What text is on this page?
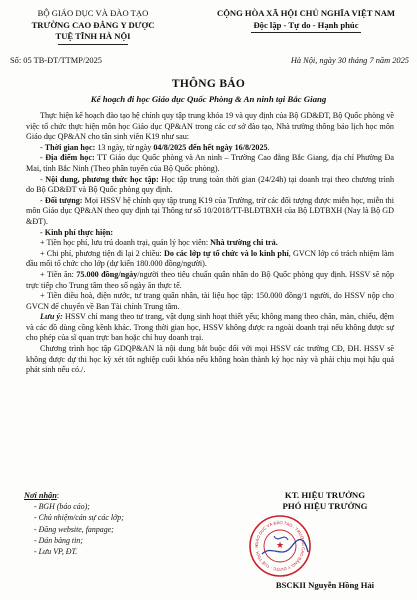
BỘ GIÁO DỤC VÀ ĐÀO TẠO
TRƯỜNG CAO ĐẲNG Y DƯỢC
TUỆ TĨNH HÀ NỘI
CỘNG HÒA XÃ HỘI CHỦ NGHĨA VIỆT NAM
Độc lập - Tự do - Hạnh phúc
Số: 05 TB-ĐT/TTMP/2025	Hà Nội, ngày 30 tháng 7 năm 2025
THÔNG BÁO
Kế hoạch đi học Giáo dục Quốc Phòng & An ninh tại Bắc Giang

Thực hiện kế hoạch đào tạo hệ chính quy tập trung khóa 19 và quy định của Bộ GD&ĐT, Bộ Quốc phòng về việc tổ chức thực hiện môn học Giáo dục QP&AN trong các cơ sở đào tạo, Nhà trường thông báo lịch học môn Giáo dục QP&AN cho tân sinh viên K19 như sau:

- Thời gian học: 13 ngày, từ ngày 04/8/2025 đến hết ngày 16/8/2025.

- Địa điểm học: TT Giáo dục Quốc phòng và An ninh – Trường Cao đẳng Bắc Giang, địa chỉ Phường Đa Mai, tỉnh Bắc Ninh (Theo phân tuyến của Bộ Quốc phòng).

- Nội dung, phương thức học tập: Học tập trung toàn thời gian (24/24h) tại doanh trại theo chương trình do Bộ GD&ĐT và Bộ Quốc phòng quy định.

- Đối tượng: Mọi HSSV hệ chính quy tập trung K19 của Trường, trừ các đối tượng được miễn học, miễn thi môn Giáo dục QP&AN theo quy định tại Thông tư số 10/2018/TT-BLĐTBXH của Bộ LĐTBXH (Nay là Bộ GD &ĐT).

- Kinh phí thực hiện:

+ Tiền học phí, lưu trú doanh trại, quản lý học viên: Nhà trường chi trả.

+ Chi phí, phương tiện đi lại 2 chiều: Do các lớp tự tổ chức và lo kinh phí, GVCN lớp có trách nhiệm làm đầu mối tổ chức cho lớp (dự kiến 180.000 đồng/người).

+ Tiền ăn: 75.000 đồng/ngày/người theo tiêu chuẩn quân nhân do Bộ Quốc phòng quy định. HSSV sẽ nộp trực tiếp cho Trung tâm theo số ngày ăn thực tế.

+ Tiền điều hoà, điện nước, tư trang quân nhân, tài liệu học tập: 150.000 đồng/1 người, do HSSV nộp cho GVCN để chuyển về Ban Tài chính Trung tâm.

Lưu ý: HSSV chỉ mang theo tư trang, vật dụng sinh hoạt thiết yếu; không mang theo chăn, màn, chiếu, đệm và các đồ dùng cồng kềnh khác. Trong thời gian học, HSSV không được ra ngoài doanh trại nếu không được sự cho phép của sĩ quan trực ban hoặc chỉ huy doanh trại.

Chương trình học tập GDQP&AN là nội dung bắt buộc đối với mọi HSSV các trường CĐ, ĐH. HSSV sẽ không được dự thi học kỳ xét tốt nghiệp cuối khóa nếu không hoàn thành kỳ học này và phải chịu mọi hậu quả phát sinh nếu có./.

Nơi nhận:
- BGH (báo cáo);
- Chủ nhiệm/cán sự các lớp;
- Đăng website, fanpage;
- Dán bảng tin;
- Lưu VP, ĐT.
KT. HIỆU TRƯỞNG
PHÓ HIỆU TRƯỞNG
GIÁO DỤC VÀ ĐÀO TẠO · TRƯỜNG CAO ĐẲNG Y DƯỢC · TUỆ TĨNH · H	★
BSCKII Nguyễn Hồng Hải
